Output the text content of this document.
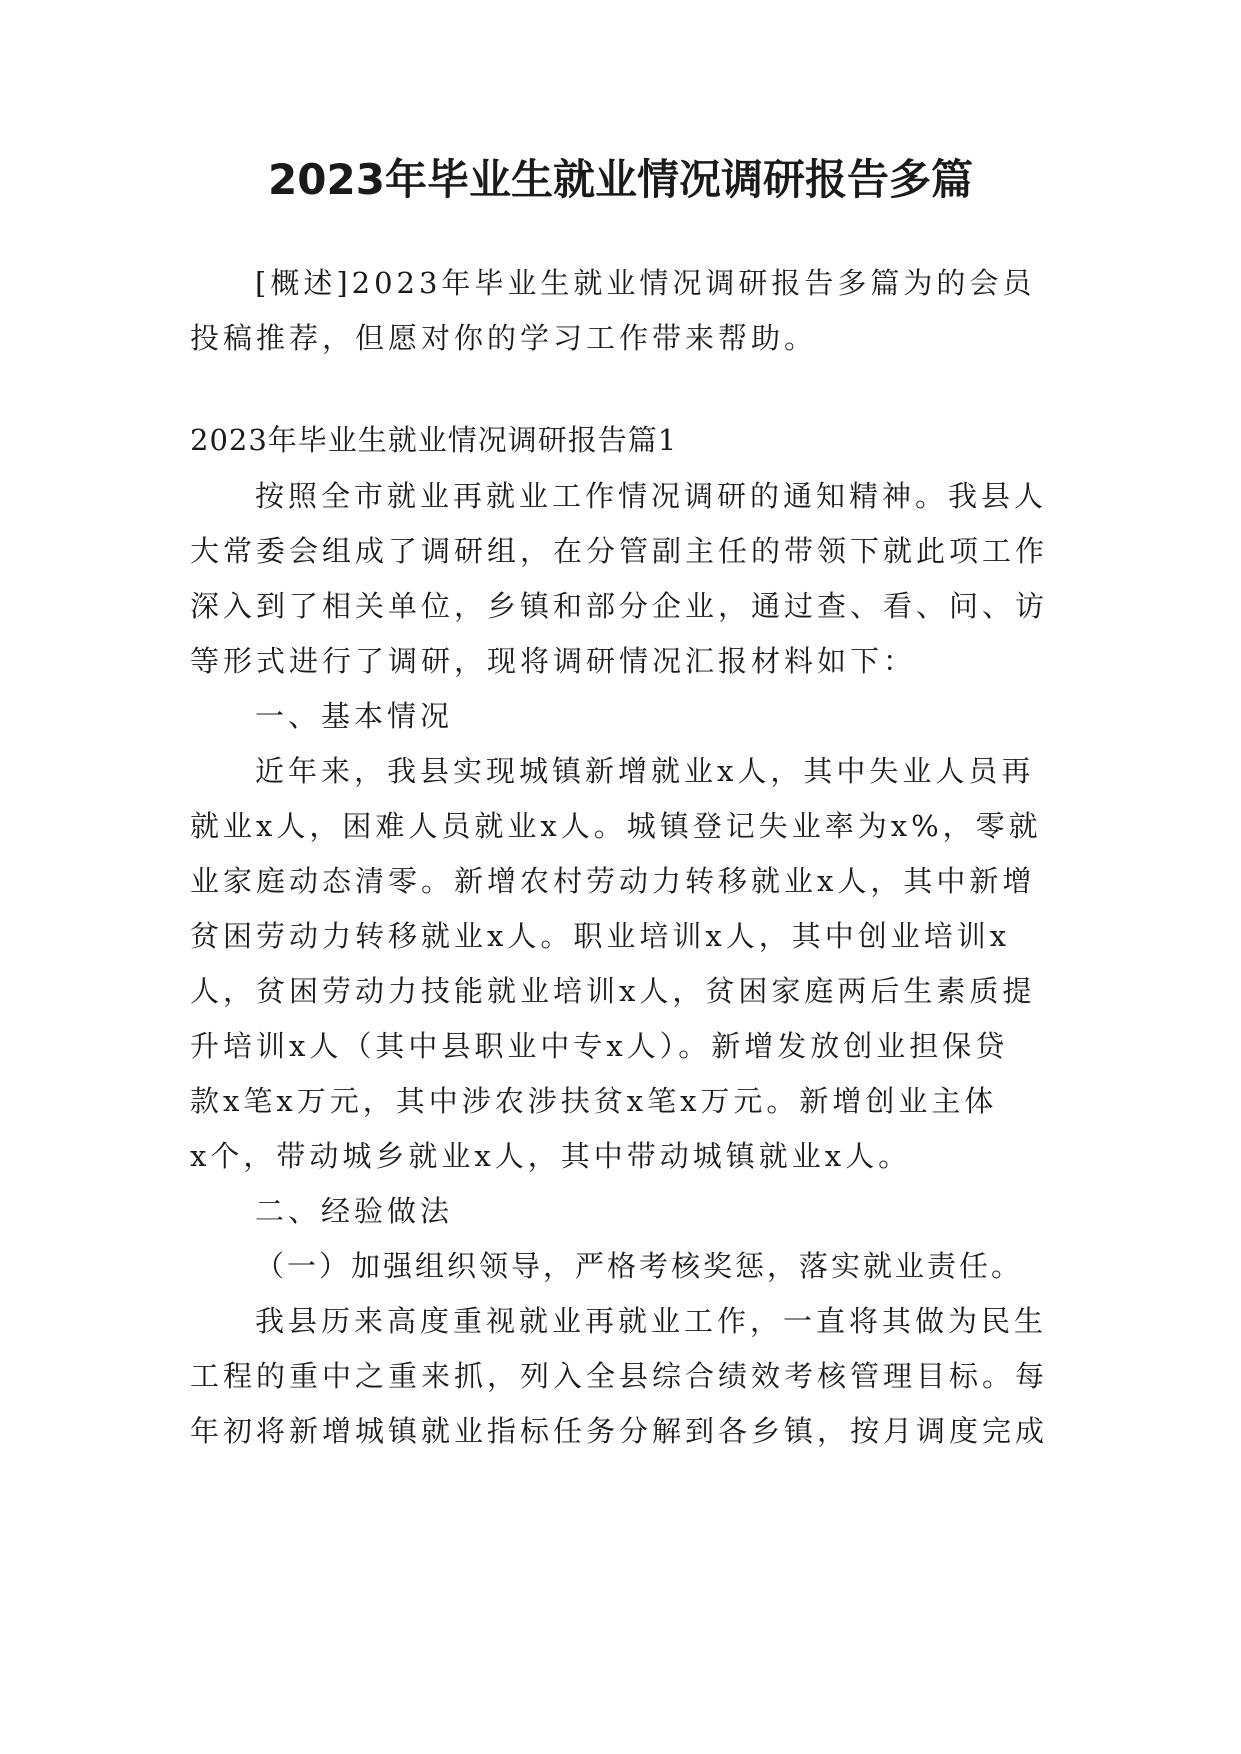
2023年毕业生就业情况调研报告多篇
[概述]2023年毕业生就业情况调研报告多篇为的会员
投稿推荐，但愿对你的学习工作带来帮助。
2023年毕业生就业情况调研报告篇1
按照全市就业再就业工作情况调研的通知精神。我县人
大常委会组成了调研组，在分管副主任的带领下就此项工作
深入到了相关单位，乡镇和部分企业，通过查、看、问、访
等形式进行了调研，现将调研情况汇报材料如下：
一、基本情况
近年来，我县实现城镇新增就业x人，其中失业人员再
就业x人，困难人员就业x人。城镇登记失业率为x%，零就
业家庭动态清零。新增农村劳动力转移就业x人，其中新增
贫困劳动力转移就业x人。职业培训x人，其中创业培训x
人，贫困劳动力技能就业培训x人，贫困家庭两后生素质提
升培训x人（其中县职业中专x人）。新增发放创业担保贷
款x笔x万元，其中涉农涉扶贫x笔x万元。新增创业主体
x个，带动城乡就业x人，其中带动城镇就业x人。
二、经验做法
（一）加强组织领导，严格考核奖惩，落实就业责任。
我县历来高度重视就业再就业工作，一直将其做为民生
工程的重中之重来抓，列入全县综合绩效考核管理目标。每
年初将新增城镇就业指标任务分解到各乡镇，按月调度完成
